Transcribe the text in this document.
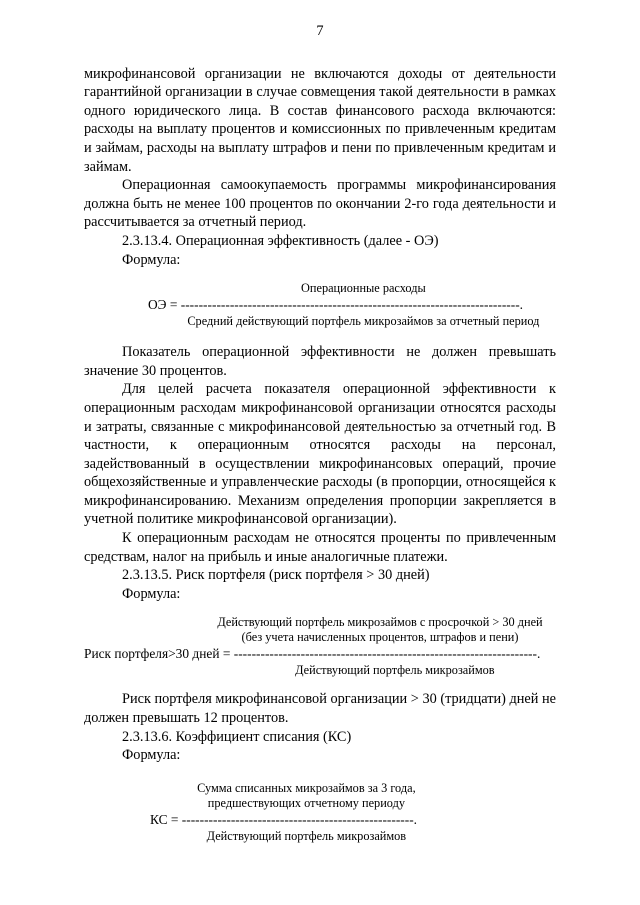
7

микрофинансовой организации не включаются доходы от деятельности гарантийной организации в случае совмещения такой деятельности в рамках одного юридического лица. В состав финансового расхода включаются: расходы на выплату процентов и комиссионных по привлеченным кредитам и займам, расходы на выплату штрафов и пени по привлеченным кредитам и займам.

Операционная самоокупаемость программы микрофинансирования должна быть не менее 100 процентов по окончании 2-го года деятельности и рассчитывается за отчетный период.

2.3.13.4. Операционная эффективность (далее - ОЭ)

Формула:

Операционные расходы
ОЭ = ----------------------------------------------------------------------------.
Средний действующий портфель микрозаймов за отчетный период

Показатель операционной эффективности не должен превышать значение 30 процентов.

Для целей расчета показателя операционной эффективности к операционным расходам микрофинансовой организации относятся расходы и затраты, связанные с микрофинансовой деятельностью за отчетный год. В частности, к операционным относятся расходы на персонал, задействованный в осуществлении микрофинансовых операций, прочие общехозяйственные и управленческие расходы (в пропорции, относящейся к микрофинансированию. Механизм определения пропорции закрепляется в учетной политике микрофинансовой организации).

К операционным расходам не относятся проценты по привлеченным средствам, налог на прибыль и иные аналогичные платежи.

2.3.13.5. Риск портфеля (риск портфеля > 30 дней)

Формула:

Действующий портфель микрозаймов с просрочкой > 30 дней
(без учета начисленных процентов, штрафов и пени)
Риск портфеля>30 дней = --------------------------------------------------------------------.
Действующий портфель микрозаймов

Риск портфеля микрофинансовой организации > 30 (тридцати) дней не должен превышать 12 процентов.

2.3.13.6. Коэффициент списания (КС)

Формула:

Сумма списанных микрозаймов за 3 года,
предшествующих отчетному периоду
КС = ----------------------------------------------------.
Действующий портфель микрозаймов
